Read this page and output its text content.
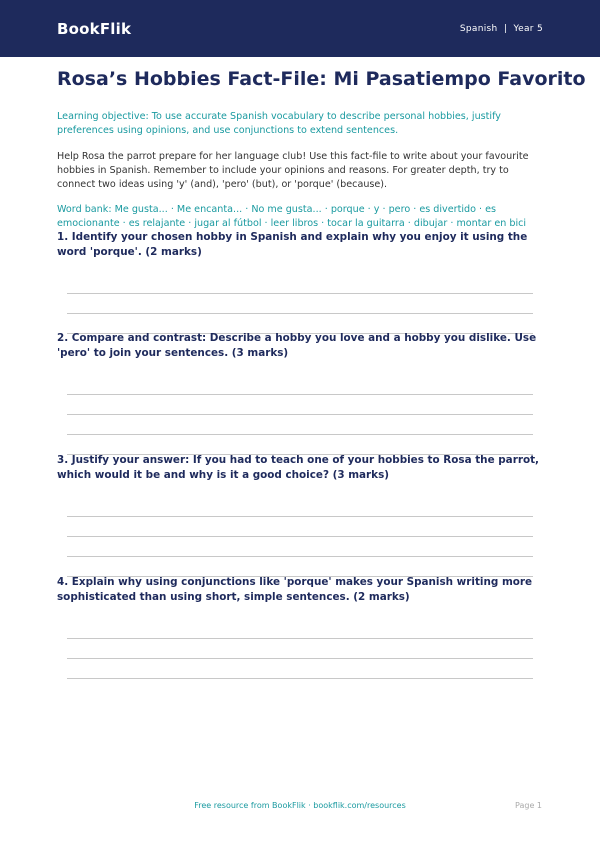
BookFlik	Spanish | Year 5
Rosa’s Hobbies Fact-File: Mi Pasatiempo Favorito

Learning objective: To use accurate Spanish vocabulary to describe personal hobbies, justify preferences using opinions, and use conjunctions to extend sentences.

Help Rosa the parrot prepare for her language club! Use this fact-file to write about your favourite hobbies in Spanish. Remember to include your opinions and reasons. For greater depth, try to connect two ideas using 'y' (and), 'pero' (but), or 'porque' (because).

Word bank: Me gusta... · Me encanta... · No me gusta... · porque · y · pero · es divertido · es emocionante · es relajante · jugar al fútbol · leer libros · tocar la guitarra · dibujar · montar en bici

1. Identify your chosen hobby in Spanish and explain why you enjoy it using the word 'porque'. (2 marks)

2. Compare and contrast: Describe a hobby you love and a hobby you dislike. Use 'pero' to join your sentences. (3 marks)

3. Justify your answer: If you had to teach one of your hobbies to Rosa the parrot, which would it be and why is it a good choice? (3 marks)

4. Explain why using conjunctions like 'porque' makes your Spanish writing more sophisticated than using short, simple sentences. (2 marks)

Free resource from BookFlik · bookflik.com/resources	Page 1
